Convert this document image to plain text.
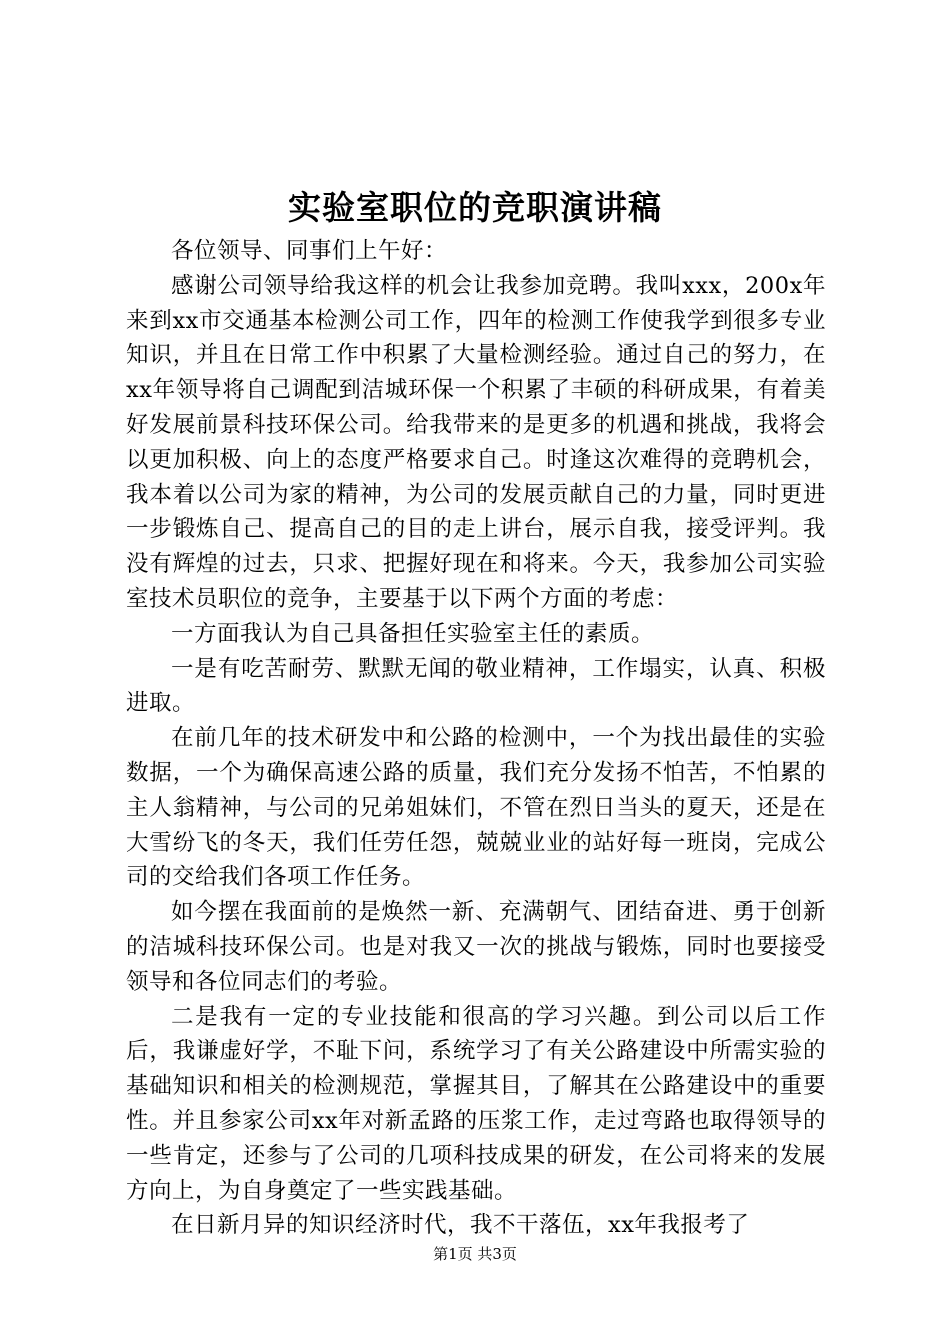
实验室职位的竞职演讲稿

各位领导、同事们上午好：

感谢公司领导给我这样的机会让我参加竞聘。我叫xxx，200x年来到xx市交通基本检测公司工作，四年的检测工作使我学到很多专业知识，并且在日常工作中积累了大量检测经验。通过自己的努力，在xx年领导将自己调配到洁城环保一个积累了丰硕的科研成果，有着美好发展前景科技环保公司。给我带来的是更多的机遇和挑战，我将会以更加积极、向上的态度严格要求自己。时逢这次难得的竞聘机会，我本着以公司为家的精神，为公司的发展贡献自己的力量，同时更进一步锻炼自己、提高自己的目的走上讲台，展示自我，接受评判。我没有辉煌的过去，只求、把握好现在和将来。今天，我参加公司实验室技术员职位的竞争，主要基于以下两个方面的考虑：

一方面我认为自己具备担任实验室主任的素质。

一是有吃苦耐劳、默默无闻的敬业精神，工作塌实，认真、积极进取。

在前几年的技术研发中和公路的检测中，一个为找出最佳的实验数据，一个为确保高速公路的质量，我们充分发扬不怕苦，不怕累的主人翁精神，与公司的兄弟姐妹们，不管在烈日当头的夏天，还是在大雪纷飞的冬天，我们任劳任怨，兢兢业业的站好每一班岗，完成公司的交给我们各项工作任务。

如今摆在我面前的是焕然一新、充满朝气、团结奋进、勇于创新的洁城科技环保公司。也是对我又一次的挑战与锻炼，同时也要接受领导和各位同志们的考验。

二是我有一定的专业技能和很高的学习兴趣。到公司以后工作后，我谦虚好学，不耻下问，系统学习了有关公路建设中所需实验的基础知识和相关的检测规范，掌握其目，了解其在公路建设中的重要性。并且参家公司xx年对新孟路的压浆工作，走过弯路也取得领导的一些肯定，还参与了公司的几项科技成果的研发，在公司将来的发展方向上，为自身奠定了一些实践基础。

在日新月异的知识经济时代，我不干落伍，xx年我报考了

第1页 共3页
